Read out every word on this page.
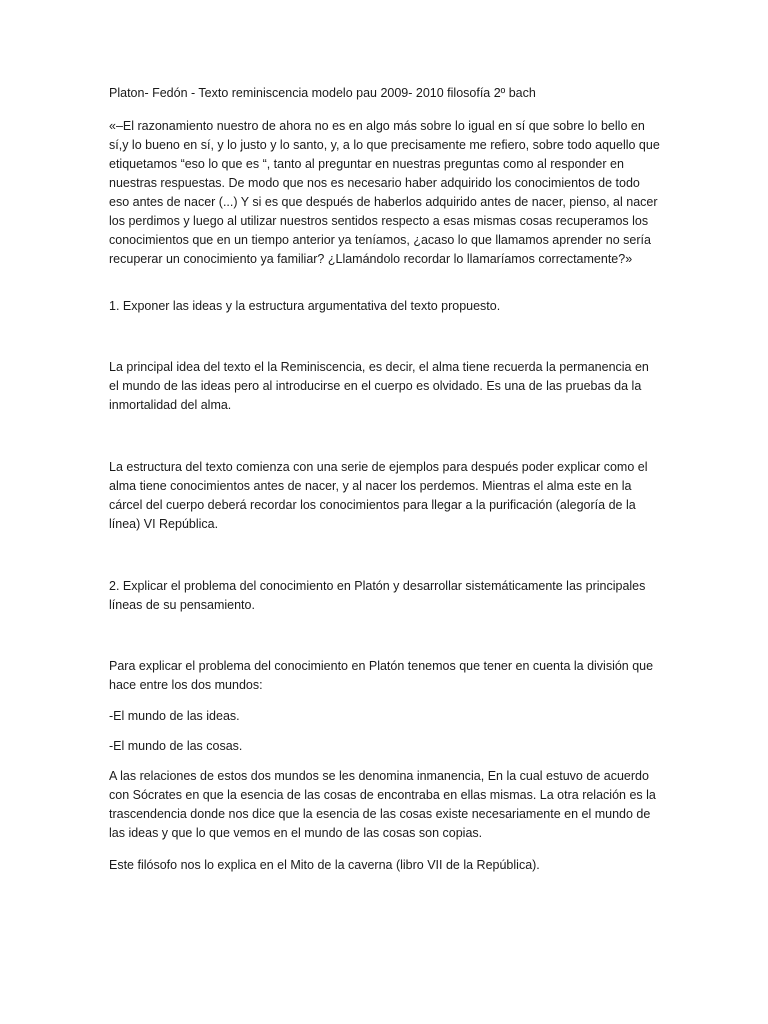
Platon- Fedón - Texto reminiscencia modelo pau 2009- 2010 filosofía 2º bach

«–El razonamiento nuestro de ahora no es en algo más sobre lo igual en sí que sobre lo bello en sí,y lo bueno en sí, y lo justo y lo santo, y, a lo que precisamente me refiero, sobre todo aquello que etiquetamos “eso lo que es “, tanto al preguntar en nuestras preguntas como al responder en nuestras respuestas. De modo que nos es necesario haber adquirido los conocimientos de todo eso antes de nacer (...) Y si es que después de haberlos adquirido antes de nacer, pienso, al nacer los perdimos y luego al utilizar nuestros sentidos respecto a esas mismas cosas recuperamos los conocimientos que en un tiempo anterior ya teníamos, ¿acaso lo que llamamos aprender no sería recuperar un conocimiento ya familiar? ¿Llamándolo recordar lo llamaríamos correctamente?»

1. Exponer las ideas y la estructura argumentativa del texto propuesto.

La principal idea del texto el la Reminiscencia, es decir, el alma tiene recuerda la permanencia en el mundo de las ideas pero al introducirse en el cuerpo es olvidado. Es una de las pruebas da la inmortalidad del alma.

La estructura del texto comienza con una serie de ejemplos para después poder explicar como el alma tiene conocimientos antes de nacer, y al nacer los perdemos. Mientras el alma este en la cárcel del cuerpo deberá recordar los conocimientos para llegar a la purificación (alegoría de la línea) VI República.

2. Explicar el problema del conocimiento en Platón y desarrollar sistemáticamente las principales líneas de su pensamiento.

Para explicar el problema del conocimiento en Platón tenemos que tener en cuenta la división que hace entre los dos mundos:

-El mundo de las ideas.

-El mundo de las cosas.

A las relaciones de estos dos mundos se les denomina inmanencia, En la cual estuvo de acuerdo con Sócrates en que la esencia de las cosas de encontraba en ellas mismas. La otra relación es la trascendencia donde nos dice que la esencia de las cosas existe necesariamente en el mundo de las ideas y que lo que vemos en el mundo de las cosas son copias.

Este filósofo nos lo explica en el Mito de la caverna (libro VII de la República).
